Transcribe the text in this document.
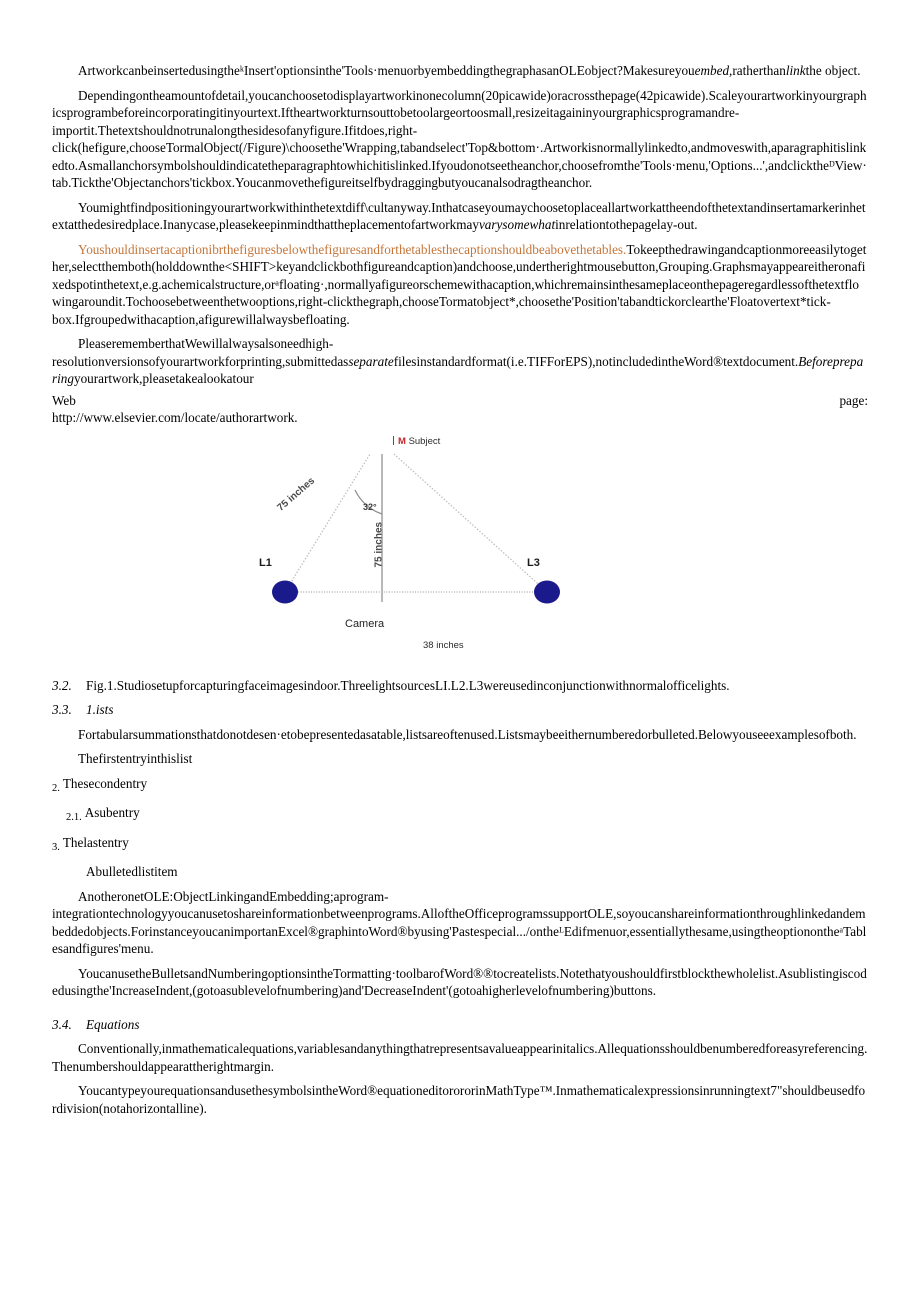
ArtworkcanbeinsertedusingtheᵏInsert'optionsinthe'Tools·menuorbyembeddingthegraphasanOLEobject?Makesureyouembed,ratherthanlinkthe object.

Dependingontheamountofdetail,youcanchoosetodisplayartworkinonecolumn(20picawide)oracrossthepage(42picawide).Scaleyourartworkinyourgraphicsprogrambeforeincorporatingitinyourtext.Iftheartworkturnsouttobetoolargeortoosmall,resizeitagaininyourgraphicsprogramandre-importit.Thetextshouldnotrunalongthesidesofanyfigure.Ifitdoes,right-click(hefigure,chooseTormalObject(/Figure)\choosethe'Wrapping,tabandselect'Top&bottom·.Artworkisnormallylinkedto,andmoveswith,aparagraphitislinkedto.Asmallanchorsymbolshouldindicatetheparagraphtowhichitislinked.Ifyoudonotseetheanchor,choosefromthe'Tools·menu,'Options...',andclicktheᴰView·tab.Tickthe'Objectanchors'tickbox.Youcanmovethefigureitselfbydraggingbutyoucanalsodragtheanchor.

Youmightfindpositioningyourartworkwithinthetextdiff\cultanyway.Inthatcaseyoumaychoosetoplaceallartworkattheendofthetextandinsertamarkerinhetextatthedesiredplace.Inanycase,pleasekeepinmindthattheplacementofartworkmayvarysomewhatinrelationtothepagelay-out.

Youshouldinsertacaptionibrthefiguresbelowthefiguresandforthetablesthecaptionshouldbeabovethetables.Tokeepthedrawingandcaptionmoreeasilytogether,selectthemboth(holddownthe<SHIFT>keyandclickbothfigureandcaption)andchoose,undertherightmousebutton,Grouping.Graphsmayappeareitheronafixedspotinthetext,e.g.achemicalstructure,orᵃfloating·,normallyafigureorschemewithacaption,whichremainsinthesameplaceonthepageregardlessofthetextflowingaroundit.Tochoosebetweenthetwooptions,right-clickthegraph,chooseTormatobject*,choosethe'Position'tabandtickorclearthe'Floatovertext*tick-box.Ifgroupedwithacaption,afigurewillalwaysbefloating.

PleaserememberthatWewillalwaysalsoneedhigh-resolutionversionsofyourartworkforprinting,submittedasseparatefilesinstandardformat(i.e.TIFForEPS),notincludedintheWord®textdocument.Beforepreparingyourartwork,pleasetakealookatour

Web	page:

http://www.elsevier.com/locate/authorartwork.

M Subject
L1	L3
32°
75 inches
75 inches
Camera
38 inches
3.2.	Fig.1.Studiosetupforcapturingfaceimagesindoor.ThreelightsourcesLI.L2.L3wereusedinconjunctionwithnormalofficelights.
3.3.	1.ists

Fortabularsummationsthatdonotdesen·etobepresentedasatable,listsareoftenused.Listsmaybeeithernumberedorbulleted.Belowyouseeexamplesofboth.

Thefirstentryinthislist
$_{2.}$ Thesecondentry
$_{2.1.}$ Asubentry
$_{3.}$ Thelastentry
Abulletedlistitem

AnotheronetOLE:ObjectLinkingandEmbedding;aprogram-integrationtechnologyyoucanusetoshareinformationbetweenprograms.AlloftheOfficeprogramssupportOLE,soyoucanshareinformationthroughlinkedandembeddedobjects.ForinstanceyoucanimportanExcel®graphintoWord®byusing'Pastespecial.../ontheᴸEdifmenuor,essentiallythesame,usingtheoptionontheᵃTablesandfigures'menu.

YoucanusetheBulletsandNumberingoptionsintheTormatting·toolbarofWord®®tocreatelists.Notethatyoushouldfirstblockthewholelist.Asublistingiscodedusingthe'IncreaseIndent,(gotoasublevelofnumbering)and'DecreaseIndent'(gotoahigherlevelofnumbering)buttons.

3.4.	Equations

Conventionally,inmathematicalequations,variablesandanythingthatrepresentsavalueappearinitalics.Allequationsshouldbenumberedforeasyreferencing.Thenumbershouldappearattherightmargin.

YoucantypeyourequationsandusethesymbolsintheWord®equationeditorororinMathType™.Inmathematicalexpressionsinrunningtext7"shouldbeusedfordivision(notahorizontalline).
